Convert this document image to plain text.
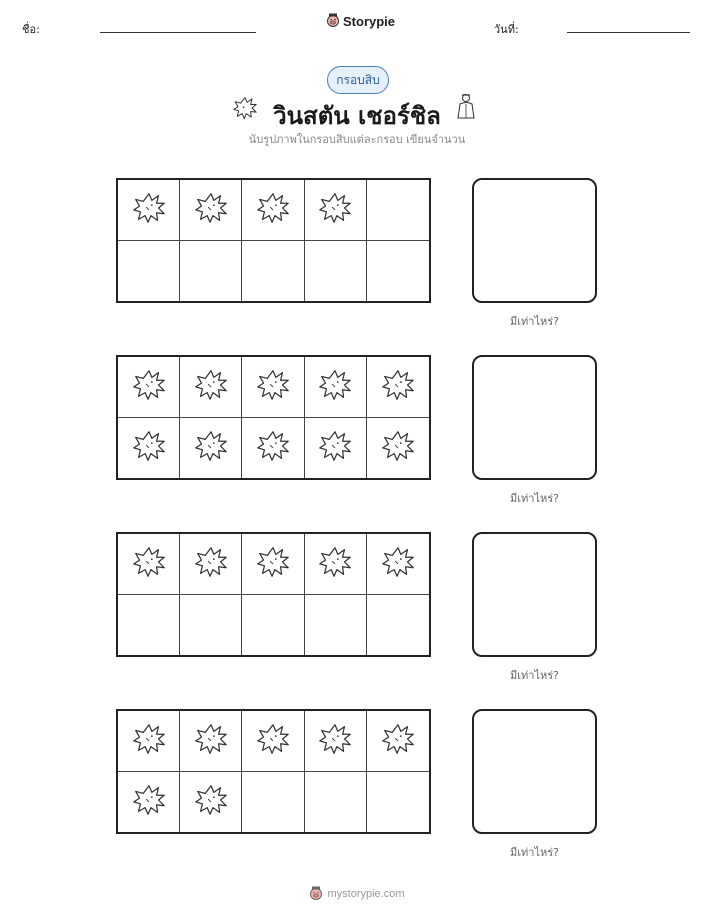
ชื่อ:
Storypie
วันที่:
กรอบสิบ
วินสตัน เชอร์ชิล
นับรูปภาพในกรอบสิบแต่ละกรอบ เขียนจำนวน
มีเท่าไหร่?
มีเท่าไหร่?
มีเท่าไหร่?
มีเท่าไหร่?
mystorypie.com
